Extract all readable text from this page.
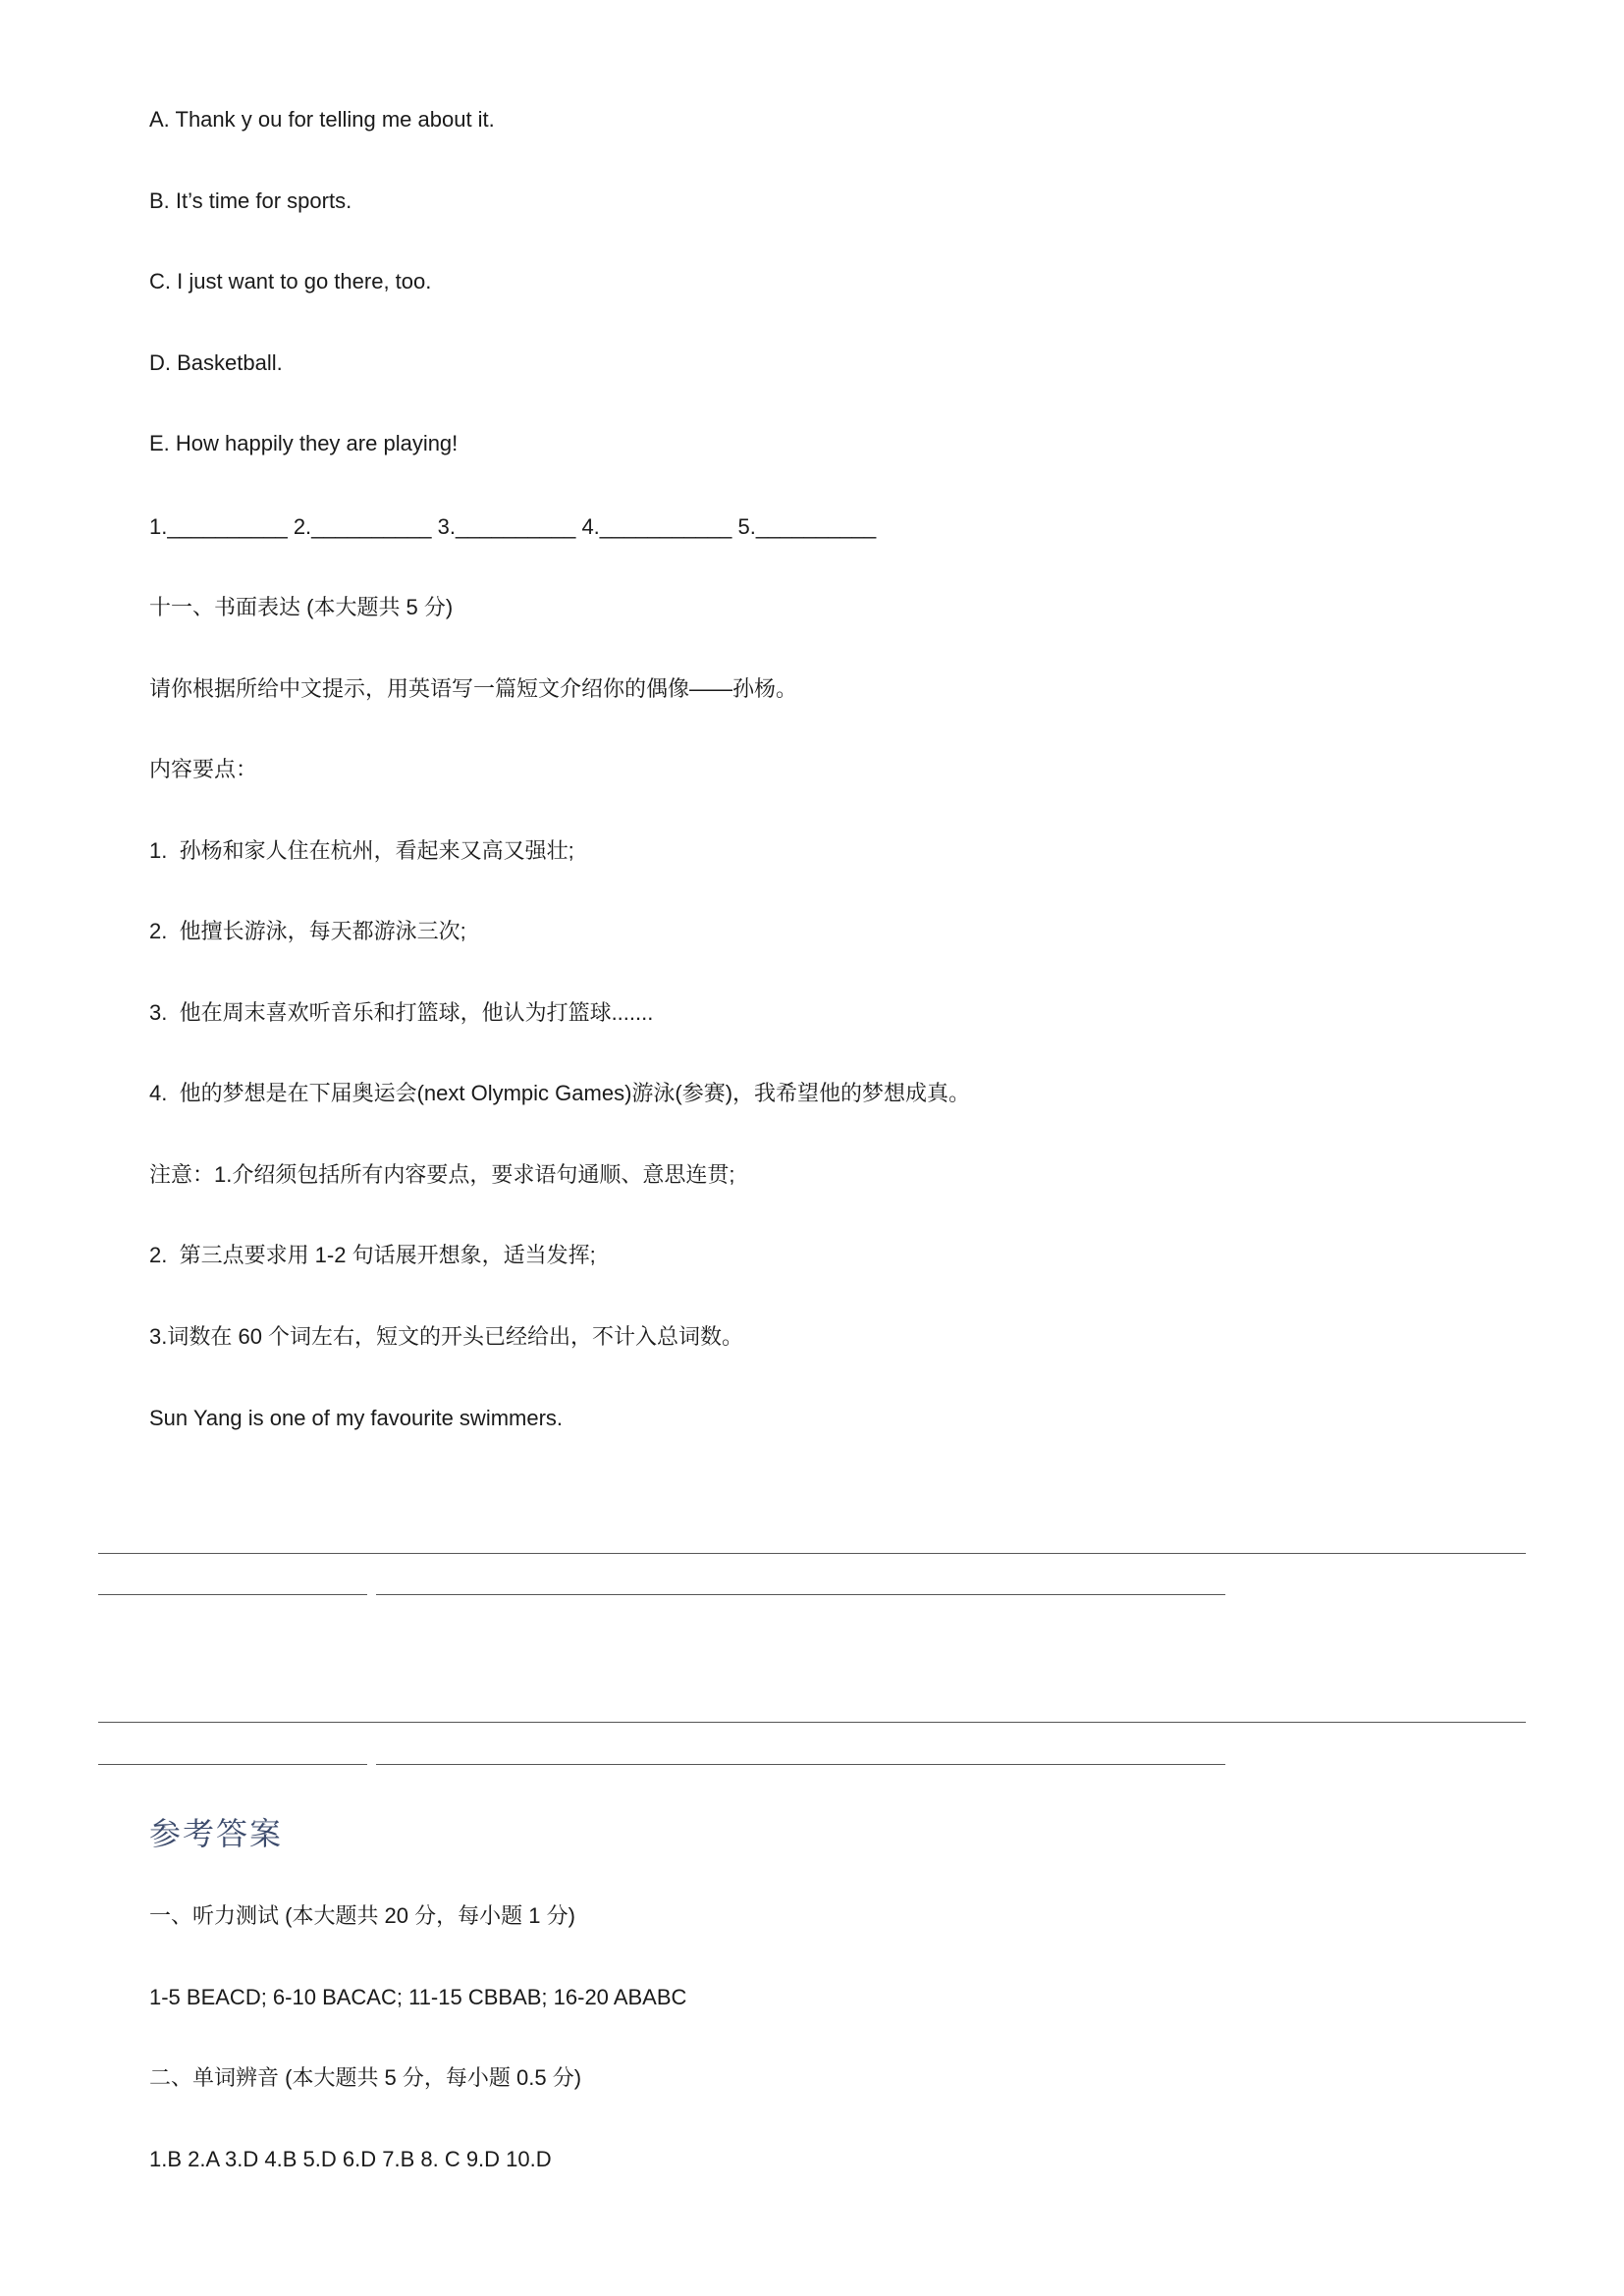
A. Thank y ou for telling me about it.
B. It’s time for sports.
C. I just want to go there, too.
D. Basketball.
E. How happily they are playing!
1.__________ 2.__________ 3.__________ 4.___________ 5.__________
十一、书面表达 (本大题共 5 分)
请你根据所给中文提示，用英语写一篇短文介绍你的偶像——孙杨。
内容要点：
1.  孙杨和家人住在杭州，看起来又高又强壮;
2.  他擅长游泳，每天都游泳三次;
3.  他在周末喜欢听音乐和打篮球，他认为打篮球.......
4.  他的梦想是在下届奥运会(next Olympic Games)游泳(参赛)，我希望他的梦想成真。
注意：1.介绍须包括所有内容要点，要求语句通顺、意思连贯;
2.  第三点要求用 1-2 句话展开想象，适当发挥;
3.词数在 60 个词左右，短文的开头已经给出，不计入总词数。
Sun Yang is one of my favourite swimmers.
参考答案
一、听力测试 (本大题共 20 分，每小题 1 分)
1-5 BEACD; 6-10 BACAC; 11-15 CBBAB; 16-20 ABABC
二、单词辨音 (本大题共 5 分，每小题 0.5 分)
1.B 2.A 3.D 4.B 5.D 6.D 7.B 8. C 9.D 10.D
